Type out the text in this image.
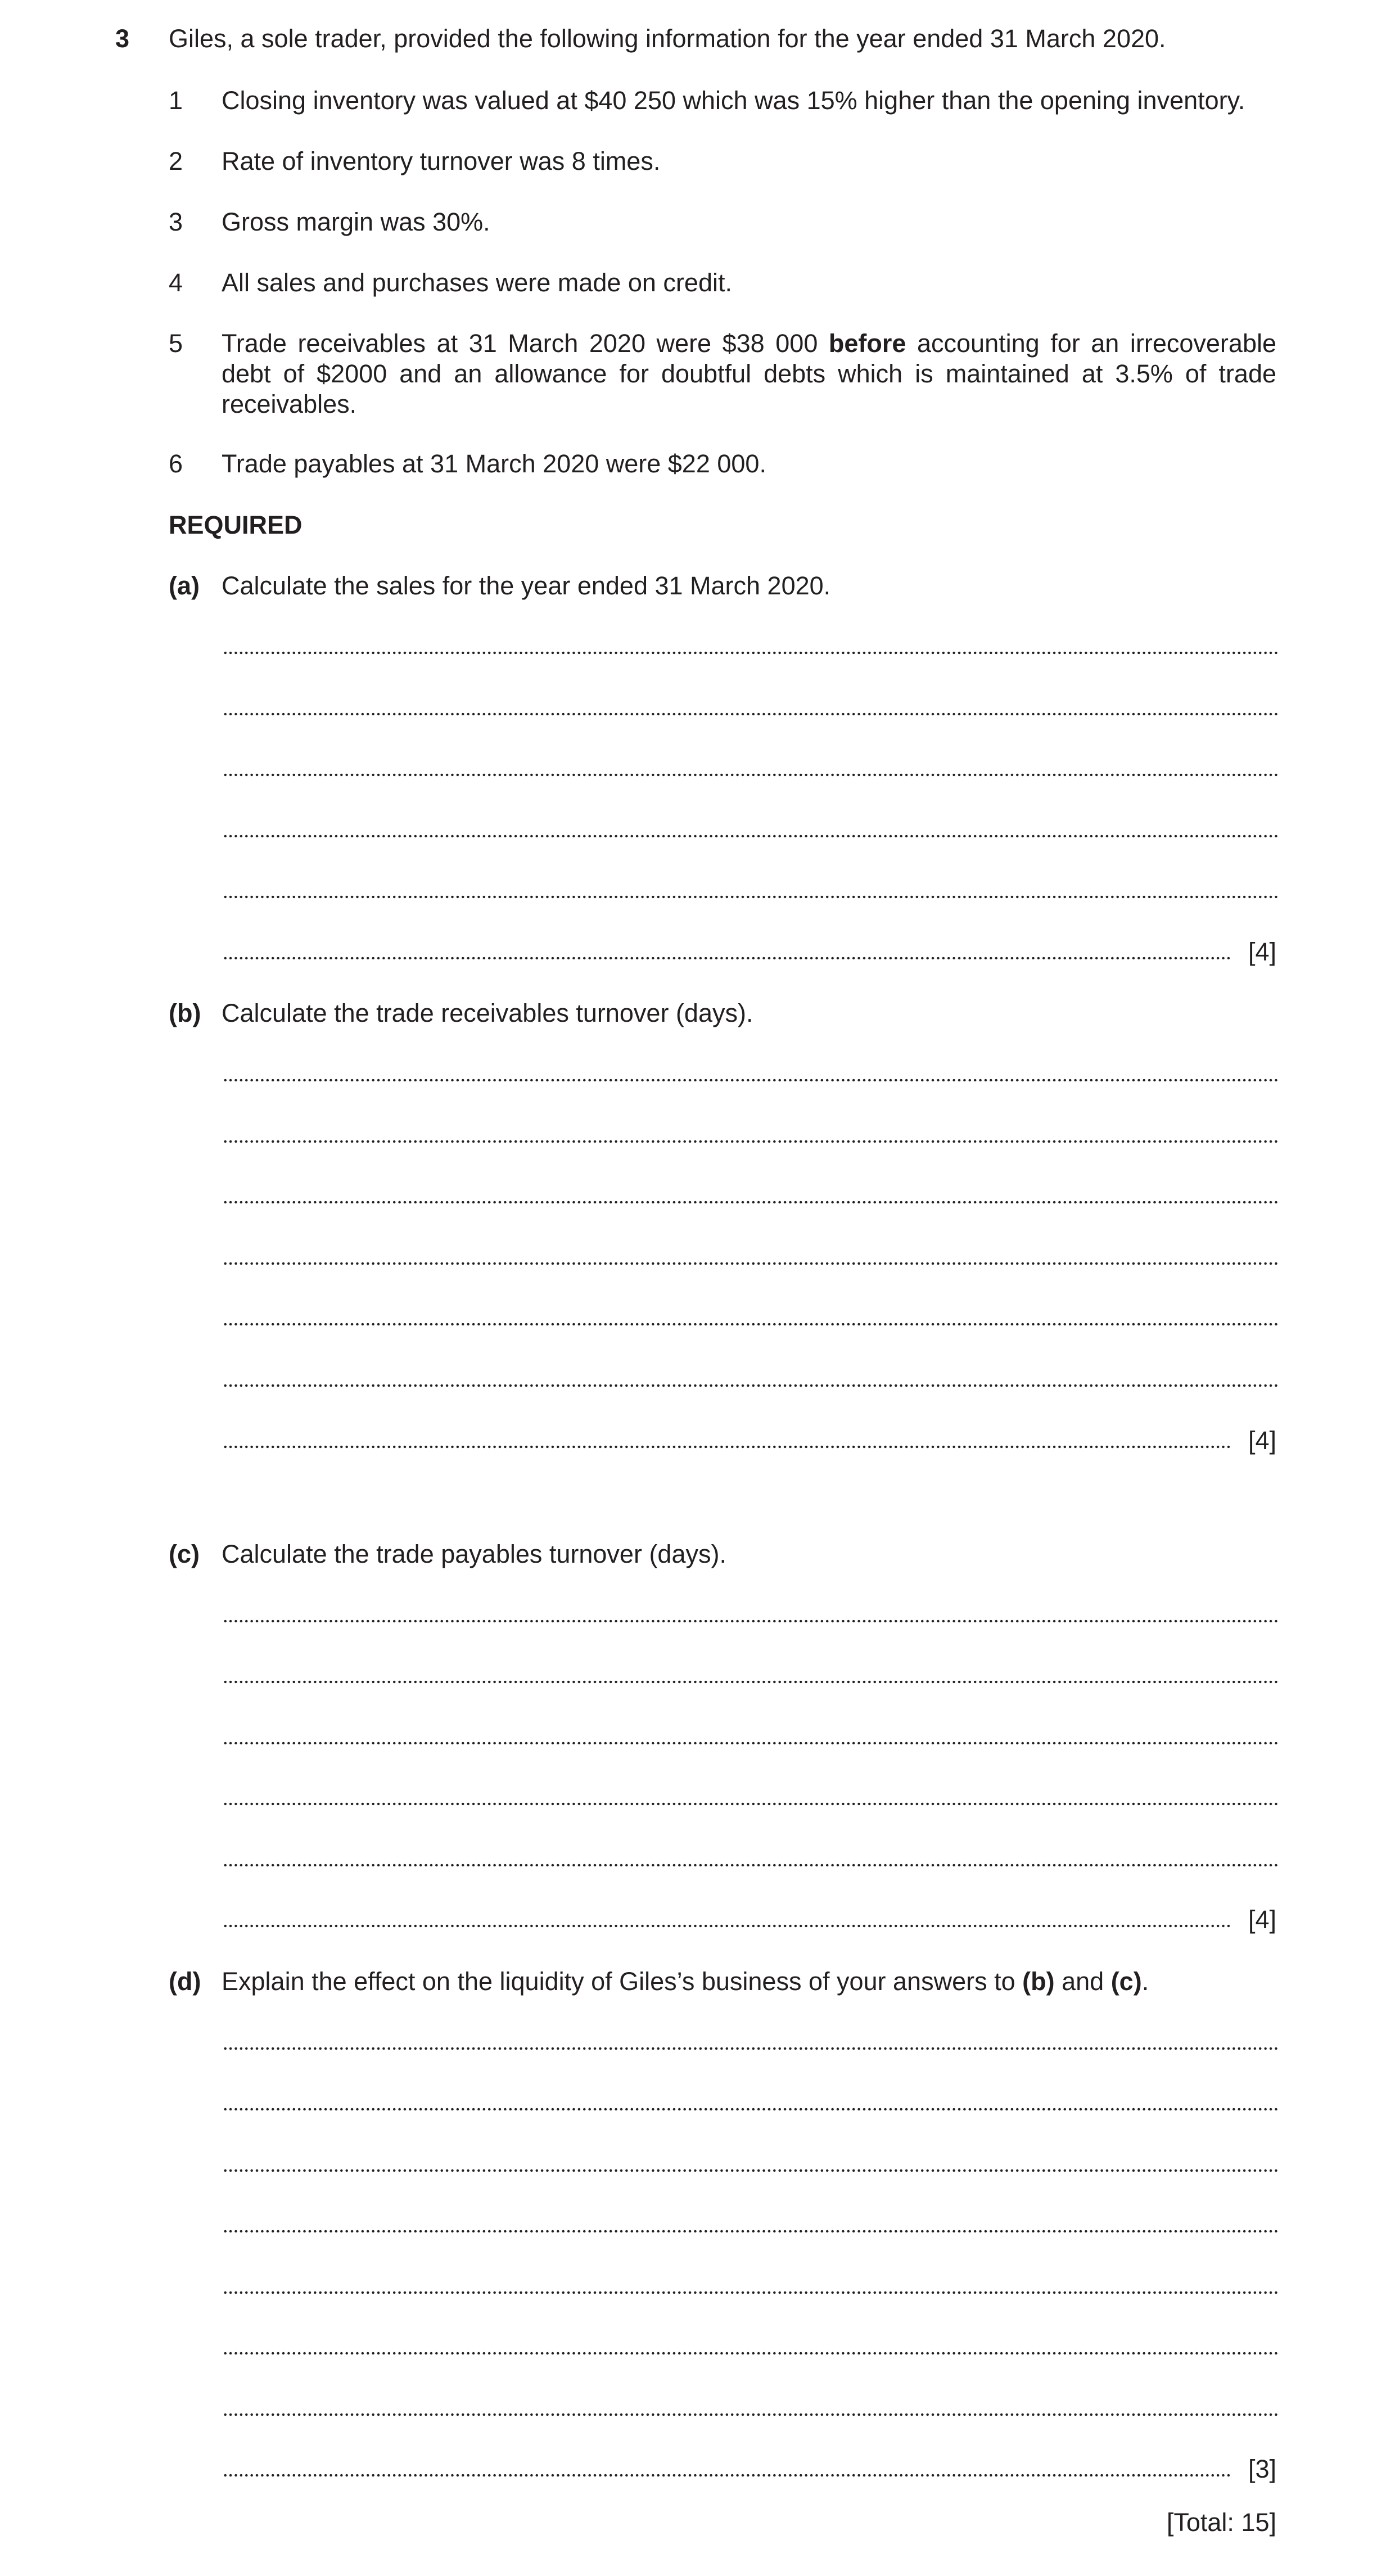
3 Giles, a sole trader, provided the following information for the year ended 31 March 2020.
1 Closing inventory was valued at $40 250 which was 15% higher than the opening inventory.
2 Rate of inventory turnover was 8 times.
3 Gross margin was 30%.
4 All sales and purchases were made on credit.
5 Trade receivables at 31 March 2020 were $38 000 before accounting for an irrecoverable debt of $2000 and an allowance for doubtful debts which is maintained at 3.5% of trade receivables.
6 Trade payables at 31 March 2020 were $22 000.
REQUIRED
(a) Calculate the sales for the year ended 31 March 2020.
[4]
(b) Calculate the trade receivables turnover (days).
[4]
(c) Calculate the trade payables turnover (days).
[4]
(d) Explain the effect on the liquidity of Giles’s business of your answers to (b) and (c).
[3]
[Total: 15]
